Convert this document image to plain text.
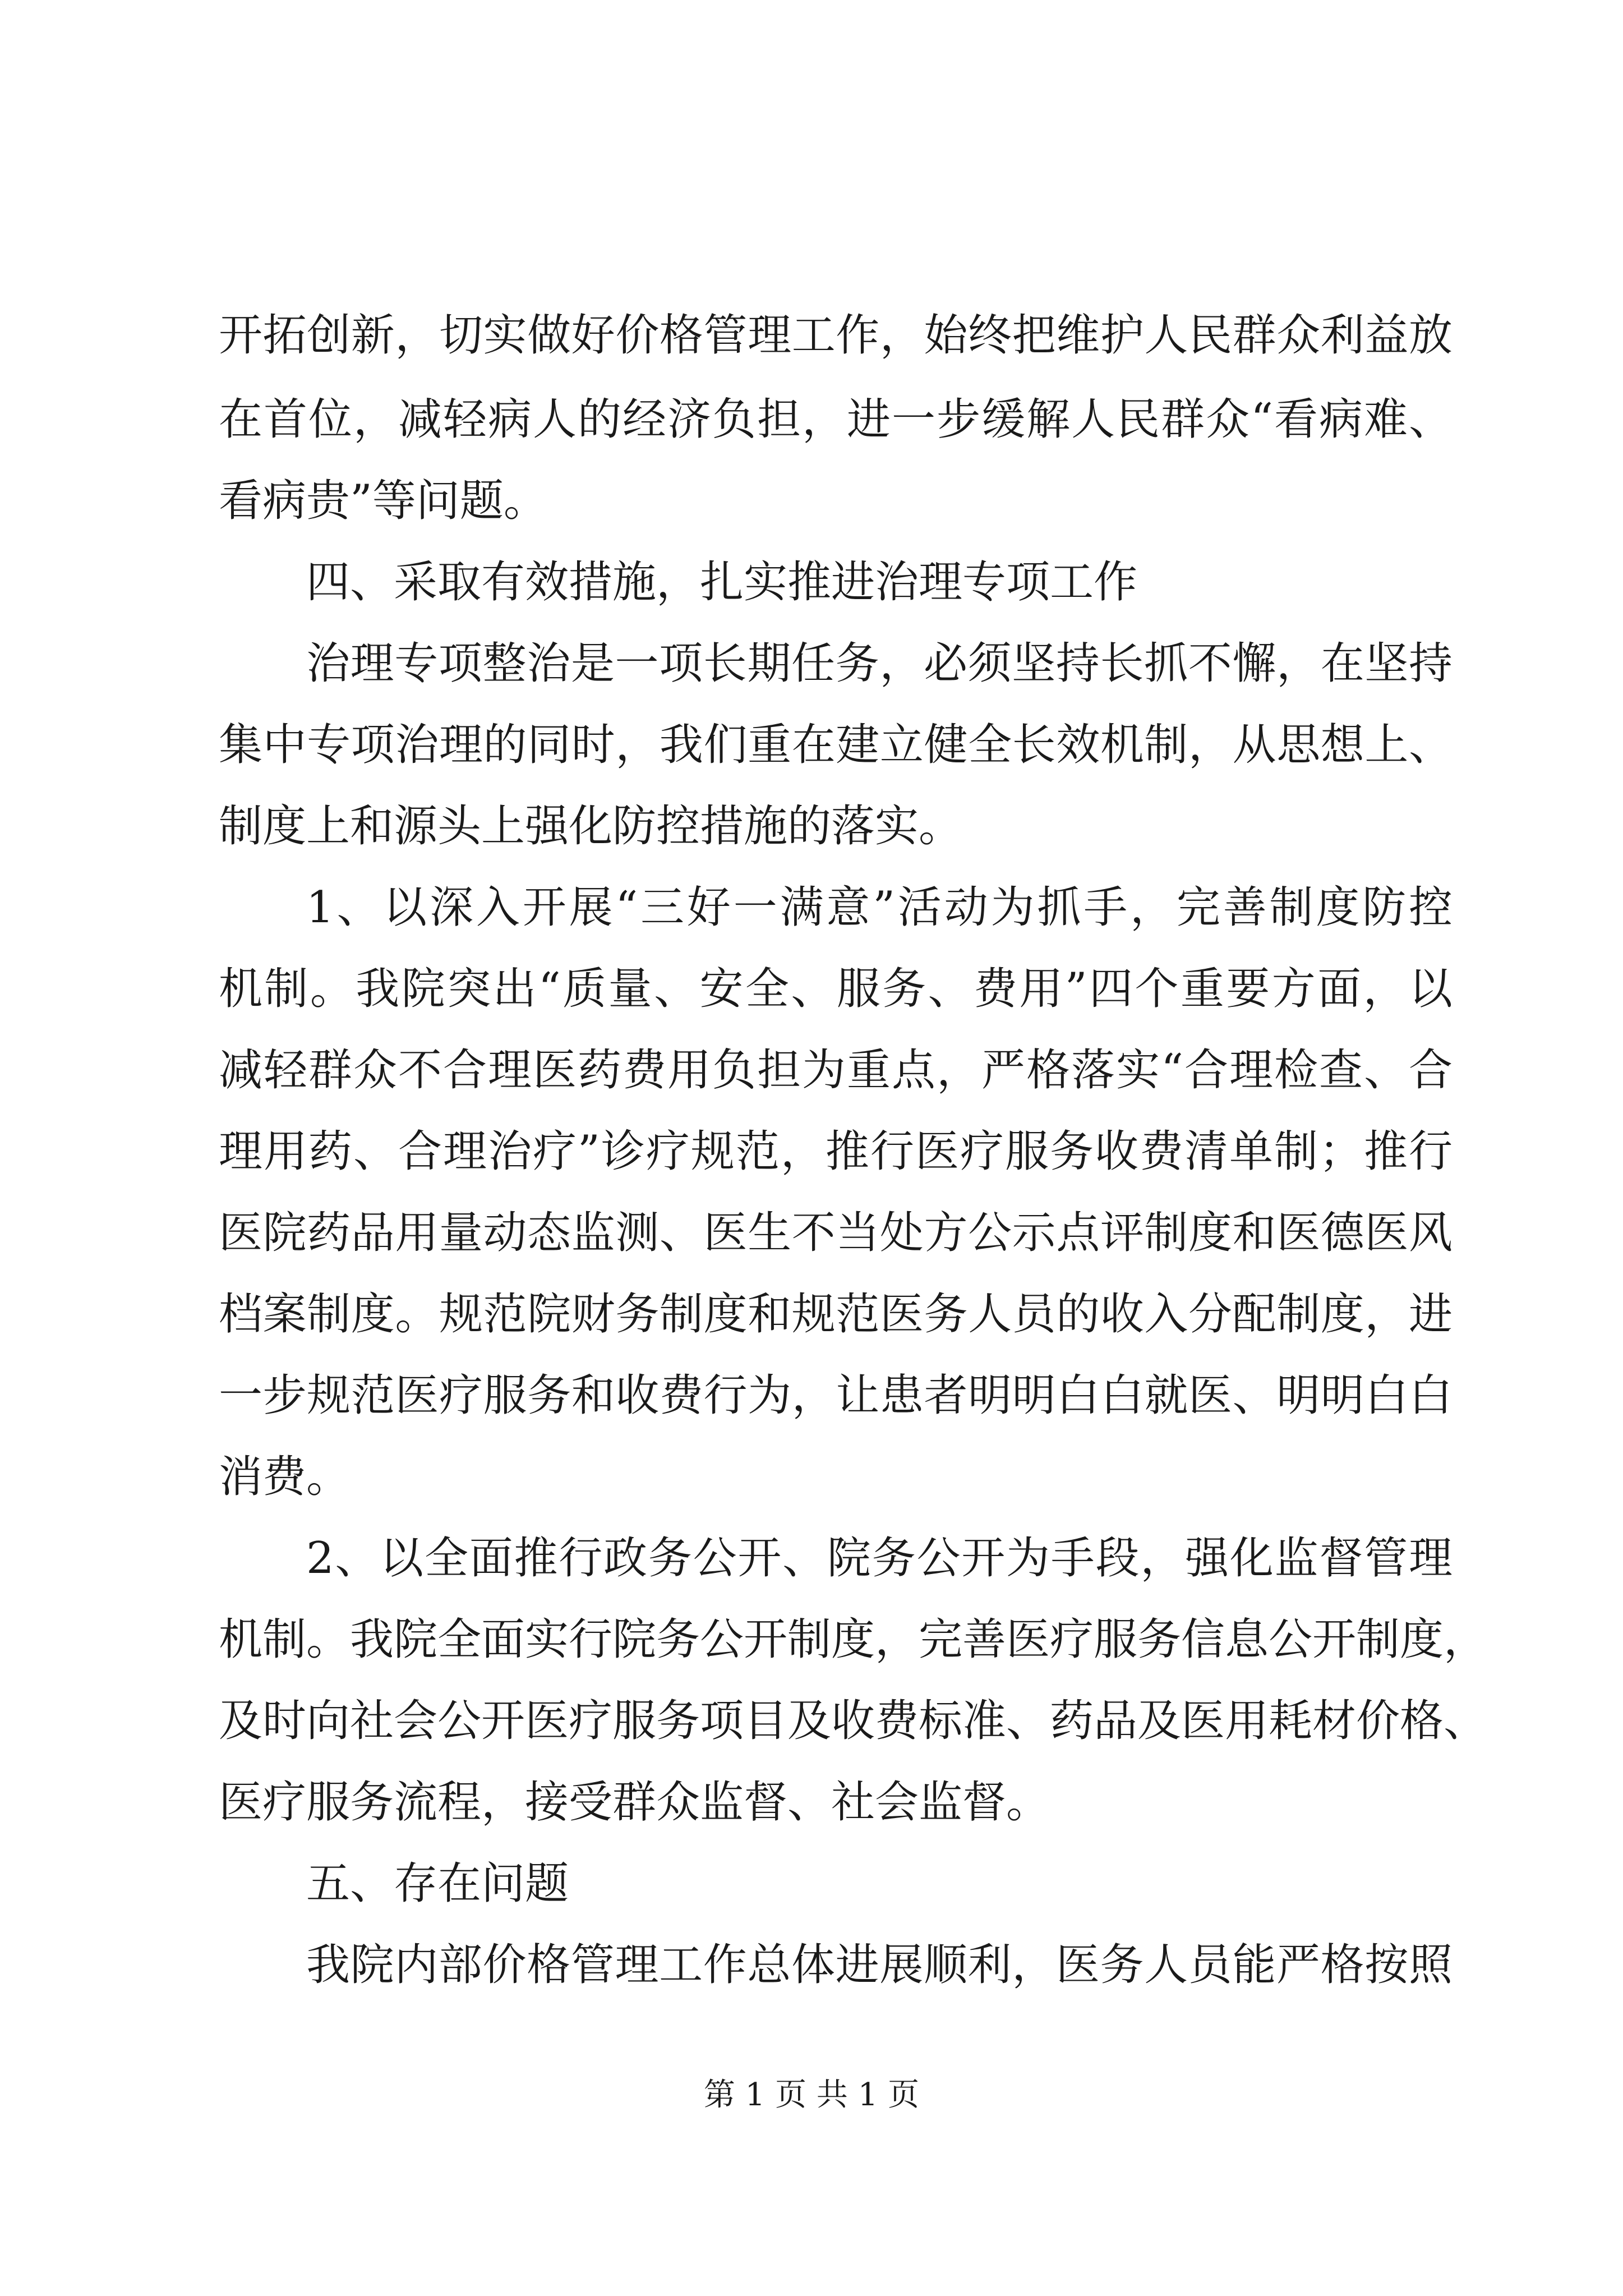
开拓创新，切实做好价格管理工作，始终把维护人民群众利益放
在首位，减轻病人的经济负担，进一步缓解人民群众“看病难、
看病贵”等问题。
四、采取有效措施，扎实推进治理专项工作
治理专项整治是一项长期任务，必须坚持长抓不懈，在坚持
集中专项治理的同时，我们重在建立健全长效机制，从思想上、
制度上和源头上强化防控措施的落实。
1、以深入开展“三好一满意”活动为抓手，完善制度防控
机制。我院突出“质量、安全、服务、费用”四个重要方面，以
减轻群众不合理医药费用负担为重点，严格落实“合理检查、合
理用药、合理治疗”诊疗规范，推行医疗服务收费清单制；推行
医院药品用量动态监测、医生不当处方公示点评制度和医德医风
档案制度。规范院财务制度和规范医务人员的收入分配制度，进
一步规范医疗服务和收费行为，让患者明明白白就医、明明白白
消费。
2、以全面推行政务公开、院务公开为手段，强化监督管理
机制。我院全面实行院务公开制度，完善医疗服务信息公开制度，
及时向社会公开医疗服务项目及收费标准、药品及医用耗材价格、
医疗服务流程，接受群众监督、社会监督。
五、存在问题
我院内部价格管理工作总体进展顺利，医务人员能严格按照
第 1 页 共 1 页
